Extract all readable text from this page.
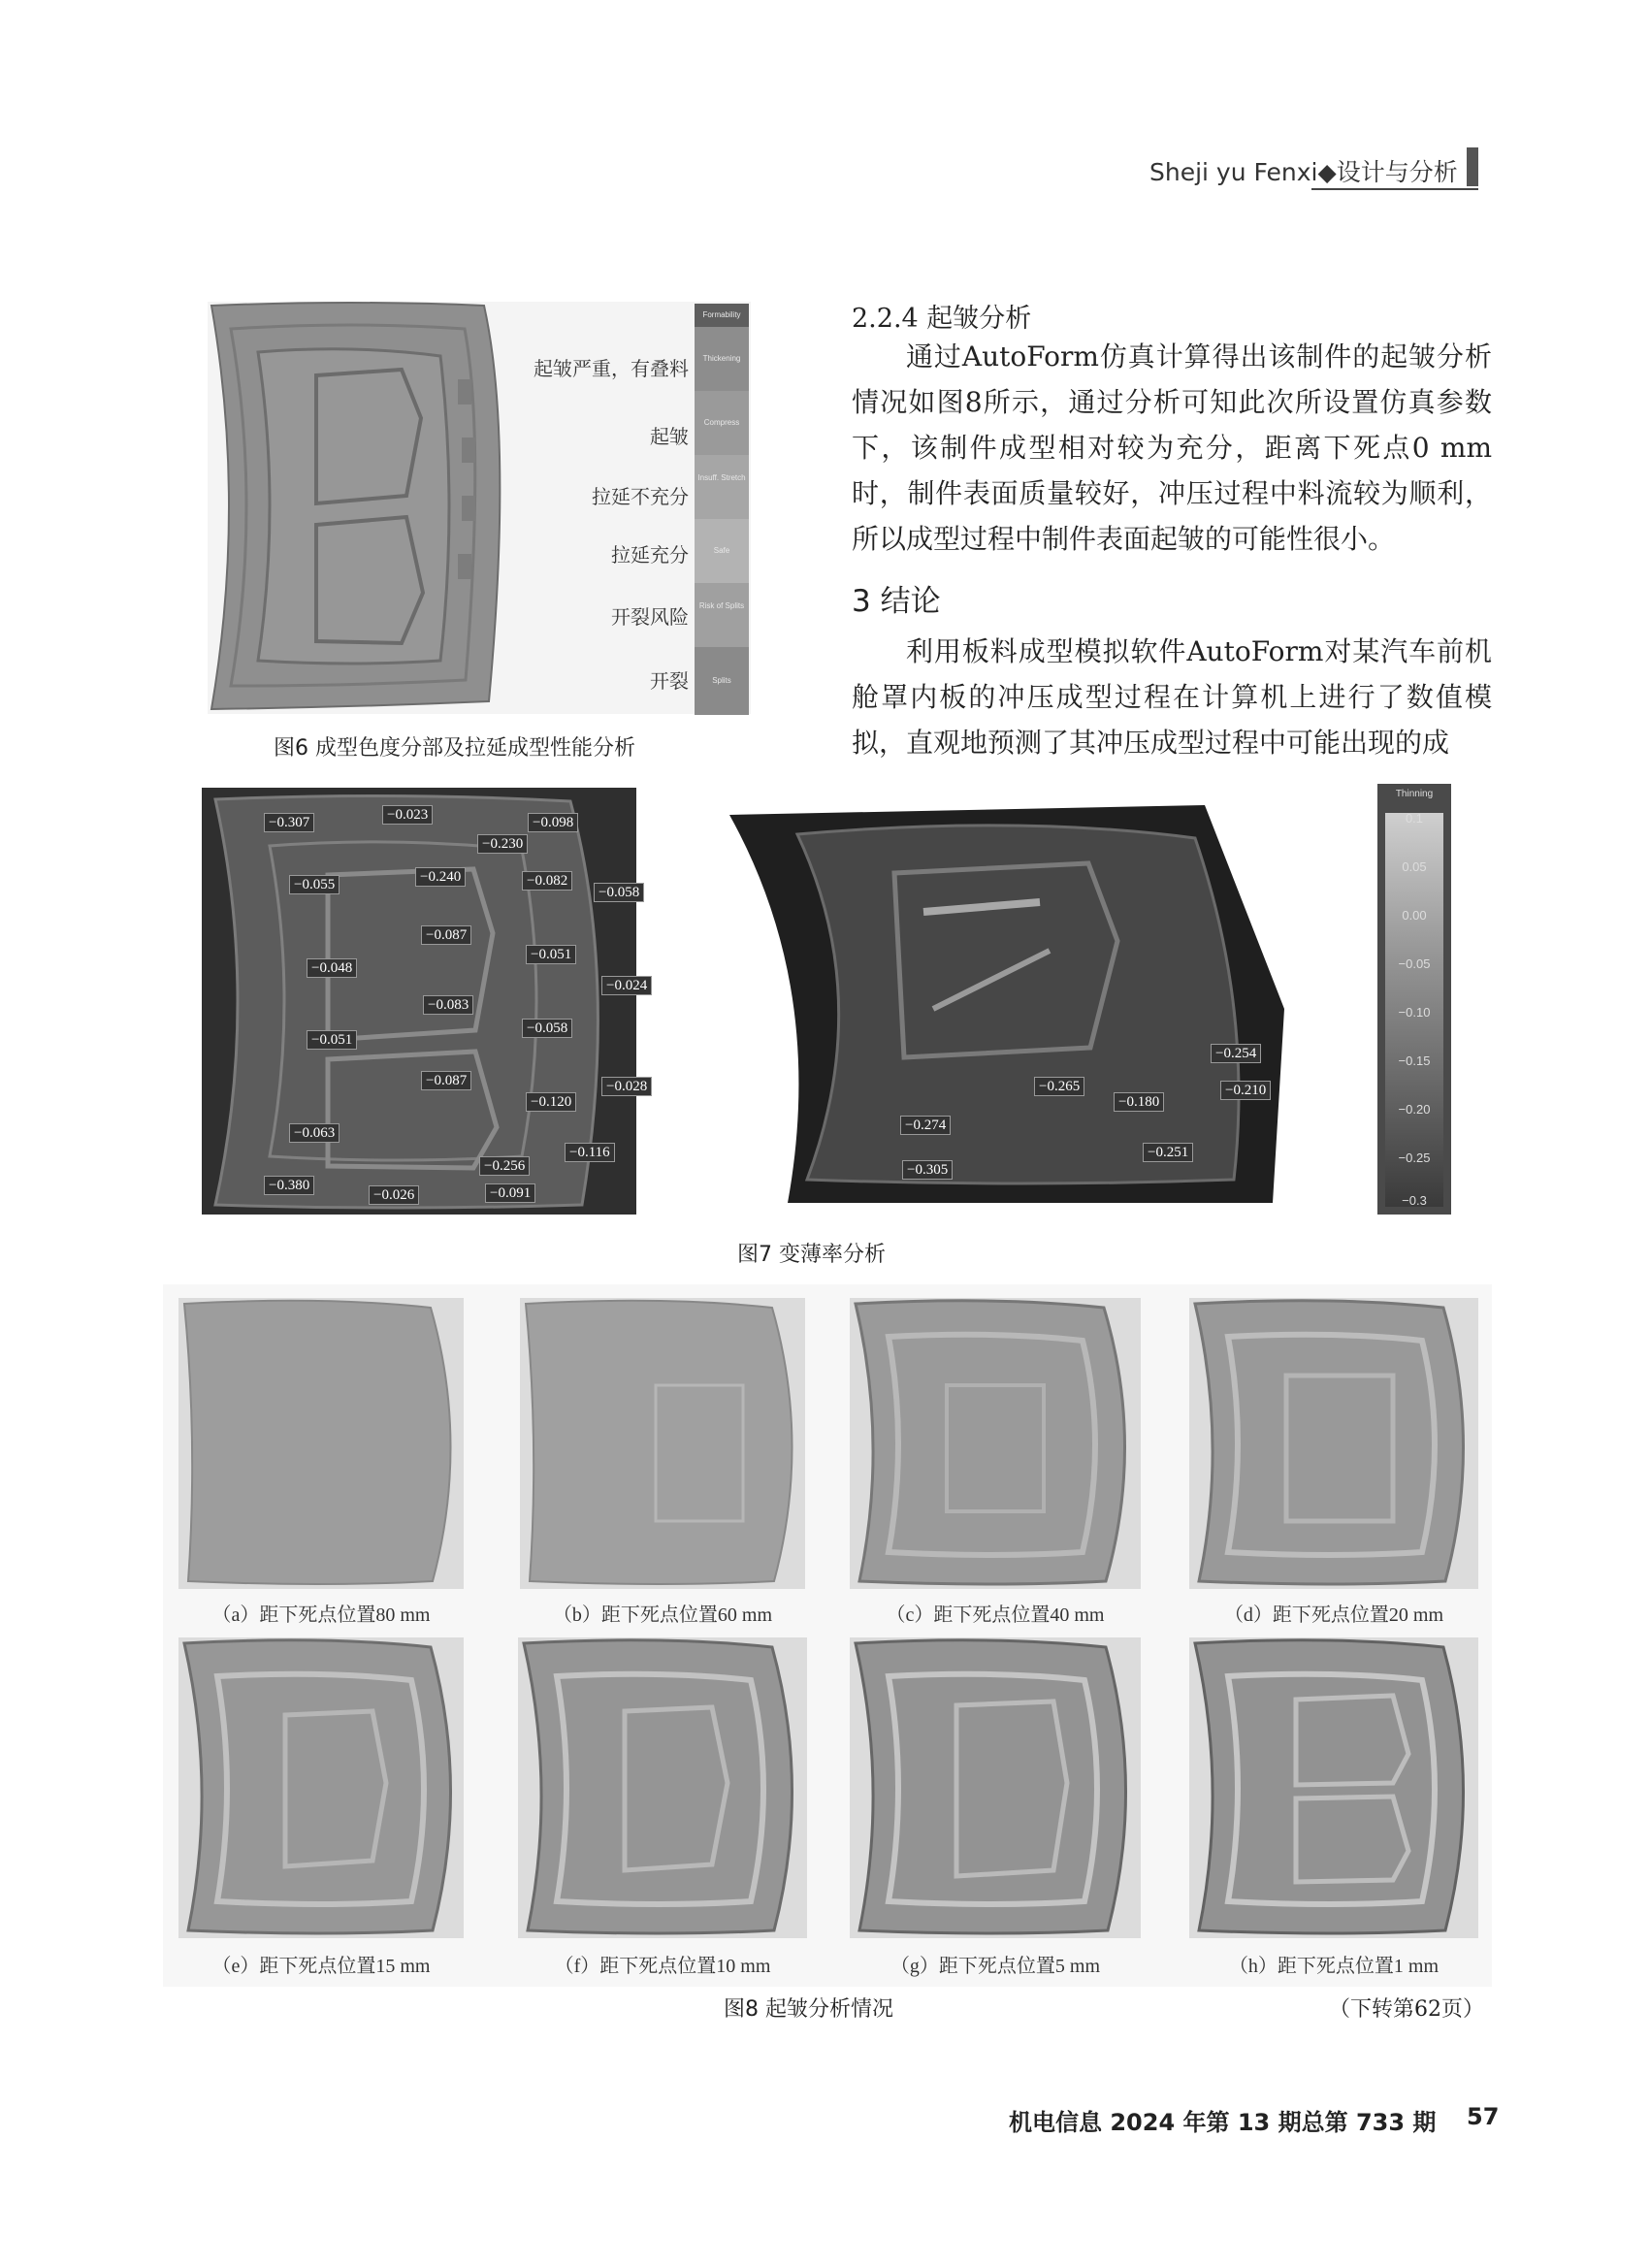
Sheji yu Fenxi◆设计与分析
Formability
Thickening
Compress
Insuff. Stretch
Safe
Risk of Splits
Splits
起皱严重，有叠料
起皱
拉延不充分
拉延充分
开裂风险
开裂
图6 成型色度分部及拉延成型性能分析
2.2.4 起皱分析

通过AutoForm仿真计算得出该制件的起皱分析情况如图8所示，通过分析可知此次所设置仿真参数下，该制件成型相对较为充分，距离下死点0 mm时，制件表面质量较好，冲压过程中料流较为顺利，所以成型过程中制件表面起皱的可能性很小。

3 结论

利用板料成型模拟软件AutoForm对某汽车前机舱罩内板的冲压成型过程在计算机上进行了数值模拟，直观地预测了其冲压成型过程中可能出现的成

−0.307	−0.023	−0.098
−0.230
−0.055	−0.240	−0.082
−0.058
−0.087
−0.051
−0.048
−0.024
−0.083
−0.058
−0.051
−0.087	−0.028
−0.120
−0.063
−0.116
−0.256
−0.380
−0.026	−0.091
−0.254
−0.265	−0.210
−0.180
−0.274
−0.251
−0.305
Thinning
0.1
0.05
0.00
−0.05
−0.10
−0.15
−0.20
−0.25
−0.3
图7 变薄率分析
（a）距下死点位置80 mm	（b）距下死点位置60 mm	（c）距下死点位置40 mm	（d）距下死点位置20 mm
（e）距下死点位置15 mm	（f）距下死点位置10 mm	（g）距下死点位置5 mm	（h）距下死点位置1 mm
图8 起皱分析情况	（下转第62页）
机电信息 2024 年第 13 期总第 733 期 57
